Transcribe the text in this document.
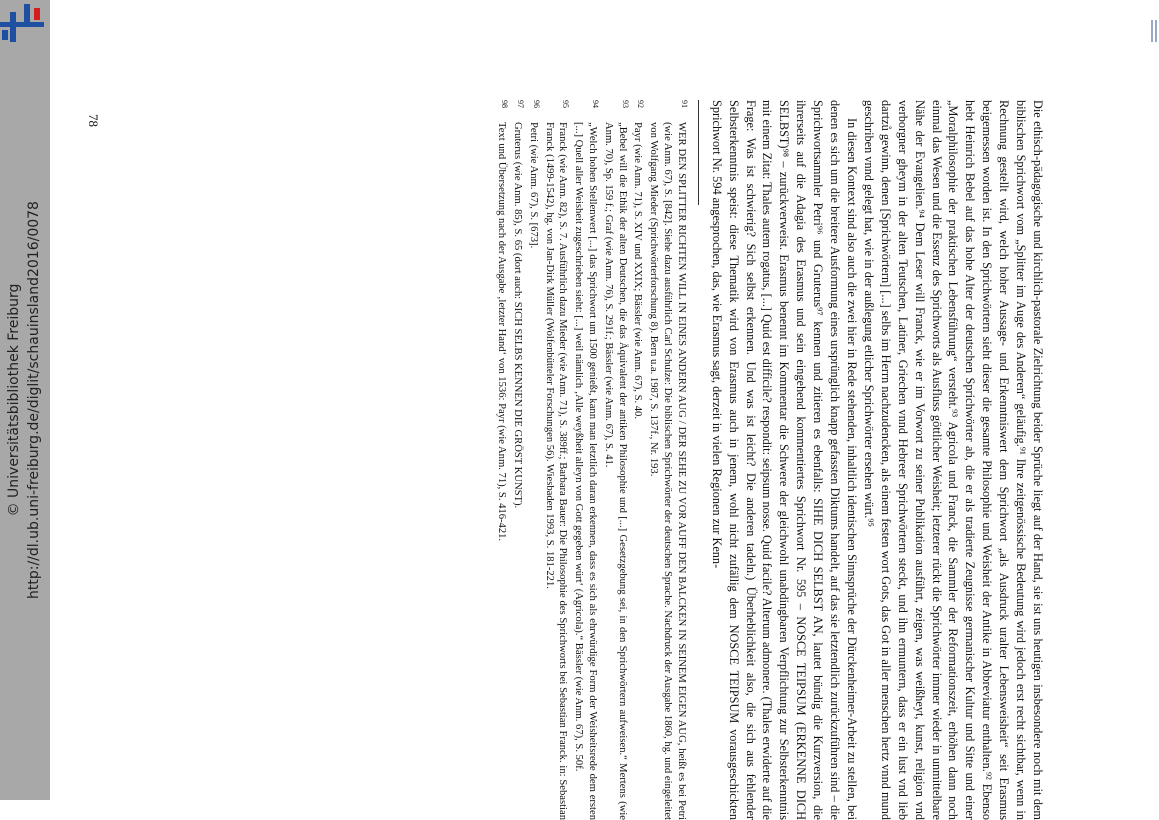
http://dl.ub.uni-freiburg.de/diglit/schauinsland2016/0078
© Universitätsbibliothek Freiburg	Die ethisch-pädagogische und kirchlich-pastorale Zielrichtung beider Sprüche liegt auf der Hand, sie ist uns heutigen insbesondere noch mit dem biblischen Sprichwort vom „Splitter im Auge des Anderen“ geläufig.⁹¹ Ihre zeitgenössische Bedeutung wird jedoch erst recht sichtbar, wenn in Rechnung gestellt wird, welch hoher Aussage- und Erkenntniswert dem Sprichwort „als Ausdruck uralter Lebensweisheit“ seit Erasmus beigemessen worden ist. In den Sprichwörtern sieht dieser die gesamte Philosophie und Weisheit der Antike in Abbreviatur enthalten.⁹² Ebenso hebt Heinrich Bebel auf das hohe Alter der deutschen Sprichwörter ab, die er als tradierte Zeugnisse germanischer Kultur und Sitte und einer „Moralphilosophie der praktischen Lebensführung“ versteht.⁹³ Agricola und Franck, die Sammler der Reformationszeit, erhöhen dann noch einmal das Wesen und die Essenz des Sprichworts als Ausfluss göttlicher Weisheit; letzterer rückt die Sprichwörter immer wieder in unmittelbare Nähe der Evangelien.⁹⁴ Dem Leser will Franck, wie er im Vorwort zu seiner Publikation ausführt, zeigen, was weißheyt, kunst, religion vnd verborgner gheym in der alten Teutschen, Latiner, Griechen vnnd Hebreer Sprichwörtern steckt, und ihn ermuntern, dass er ein lust vnd lieb dartzů gewinn, denen [Sprichwörtern] [...] selbs im Herrn nachzudencken, als einem festen wort Gots, das Got in aller menschen hertz vnnd mund geschriben vnnd gelegt hat, wie in der außlegung etlicher Sprichwörter ersehen würt.⁹⁵

In diesen Kontext sind also auch die zwei hier in Rede stehenden, inhaltlich identischen Sinnsprüche der Dürckenheimer-Arbeit zu stellen, bei denen es sich um die breitere Ausformung eines ursprünglich knapp gefassten Diktums handelt, auf das sie letztendlich zurückzuführen sind – die Sprichwortsammler Petri⁹⁶ und Gruterus⁹⁷ kennen und zitieren es ebenfalls: SIHE DICH SELBST AN, lautet bündig die Kurzversion, die ihrerseits auf die Adagia des Erasmus und sein eingehend kommentiertes Sprichwort Nr. 595 – NOSCE TEIPSUM (ERKENNE DICH SELBST)⁹⁸ – zurückverweist. Erasmus benennt im Kommentar die Schwere der gleichwohl unabdingbaren Verpflichtung zur Selbsterkenntnis mit einem Zitat: Thales autem rogatus, [...] Quid est difficile? respondit: seipsum nosse. Quid facile? Alterum admonere. (Thales erwiderte auf die Frage: Was ist schwierig? Sich selbst erkennen. Und was ist leicht? Die anderen tadeln.) Überheblichkeit also, die sich aus fehlender Selbsterkenntnis speist: diese Thematik wird von Erasmus auch in jenem, wohl nicht zufällig dem NOSCE TEIPSUM vorausgeschickten Sprichwort Nr. 594 angesprochen, das, wie Erasmus sagt, derzeit in vielen Regionen zur Kenn-

91
WER DEN SPLITTER RICHTEN WILL IN EINES ANDERN AUG / DER SEHE ZU VOR AUFF DEN BALCKEN IN SEINEM EIGEN AUG, heißt es bei Petri (wie Anm. 67), S. [842]. Siehe dazu ausführlich Carl Schulze: Die biblischen Sprichwörter der deutschen Sprache. Nachdruck der Ausgabe 1860, hg. und eingeleitet von Wolfgang Mieder (Sprichwörterforschung 8). Bern u.a. 1987, S. 137f., Nr. 193.
92
Payr (wie Anm. 71), S. XIV und XXIX; Bässler (wie Anm. 67), S. 40.
93
„Bebel will die Ethik der alten Deutschen, die das Äquivalent der antiken Philosophie und [...] Gesetzgebung sei, in den Sprichwörtern aufweisen.“ Mertens (wie Anm. 70), Sp. 159 f.; Graf (wie Anm. 76), S. 291f.; Bässler (wie Anm. 67), S. 41.
94
„Welch hohen Stellenwert [...] das Sprichwort um 1500 genießt, kann man letztlich daran erkennen, dass es sich als ehrwürdige Form der Weisheitsrede dem ersten [...] Quell aller Weisheit zugeschrieben sieht: [...] weil nämlich ‚Alle weyßheit alleyn von Gott gegeben würt‘ (Agricola).“ Bässler (wie Anm. 67), S. 50f.
95
Franck (wie Anm. 82), S. 7. Ausführlich dazu Mieder (wie Anm. 71), S. 389ff.; Barbara Bauer: Die Philosophie des Sprichworts bei Sebastian Franck. in: Sebastian Franck (1499-1542), hg. von Jan-Dirk Müller (Wolfenbütteler Forschungen 56). Wiesbaden 1993, S. 181-221.
96
Petri (wie Anm. 67), S. [673].
97
Gruterus (wie Anm. 85), S. 65 (dort auch: SICH SELBS KENNEN DIE GRÖST KUNST).
98
Text und Übersetzung nach der Ausgabe ‚letzter Hand‘ von 1536: Payr (wie Anm. 71), S. 416-421.
78
